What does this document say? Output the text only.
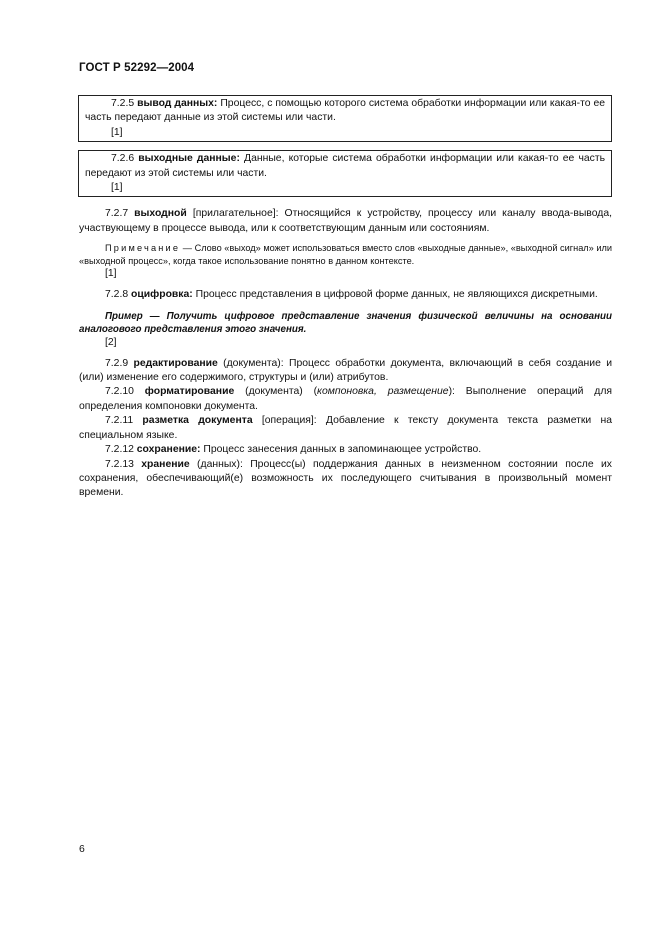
ГОСТ Р 52292—2004

7.2.5 вывод данных: Процесс, с помощью которого система обработки информации или какая-то ее часть передают данные из этой системы или части.

[1]

7.2.6 выходные данные: Данные, которые система обработки информации или какая-то ее часть передают из этой системы или части.

[1]

7.2.7 выходной [прилагательное]: Относящийся к устройству, процессу или каналу ввода-вывода, участвующему в процессе вывода, или к соответствующим данным или состояниям.

Примечание — Слово «выход» может использоваться вместо слов «выходные данные», «выходной сигнал» или «выходной процесс», когда такое использование понятно в данном контексте.

[1]

7.2.8 оцифровка: Процесс представления в цифровой форме данных, не являющихся дискретными.

Пример — Получить цифровое представление значения физической величины на основании аналогового представления этого значения.

[2]

7.2.9 редактирование (документа): Процесс обработки документа, включающий в себя создание и (или) изменение его содержимого, структуры и (или) атрибутов.

7.2.10 форматирование (документа) (компоновка, размещение): Выполнение операций для определения компоновки документа.

7.2.11 разметка документа [операция]: Добавление к тексту документа текста разметки на специальном языке.

7.2.12 сохранение: Процесс занесения данных в запоминающее устройство.

7.2.13 хранение (данных): Процесс(ы) поддержания данных в неизменном состоянии после их сохранения, обеспечивающий(е) возможность их последующего считывания в произвольный момент времени.

6
